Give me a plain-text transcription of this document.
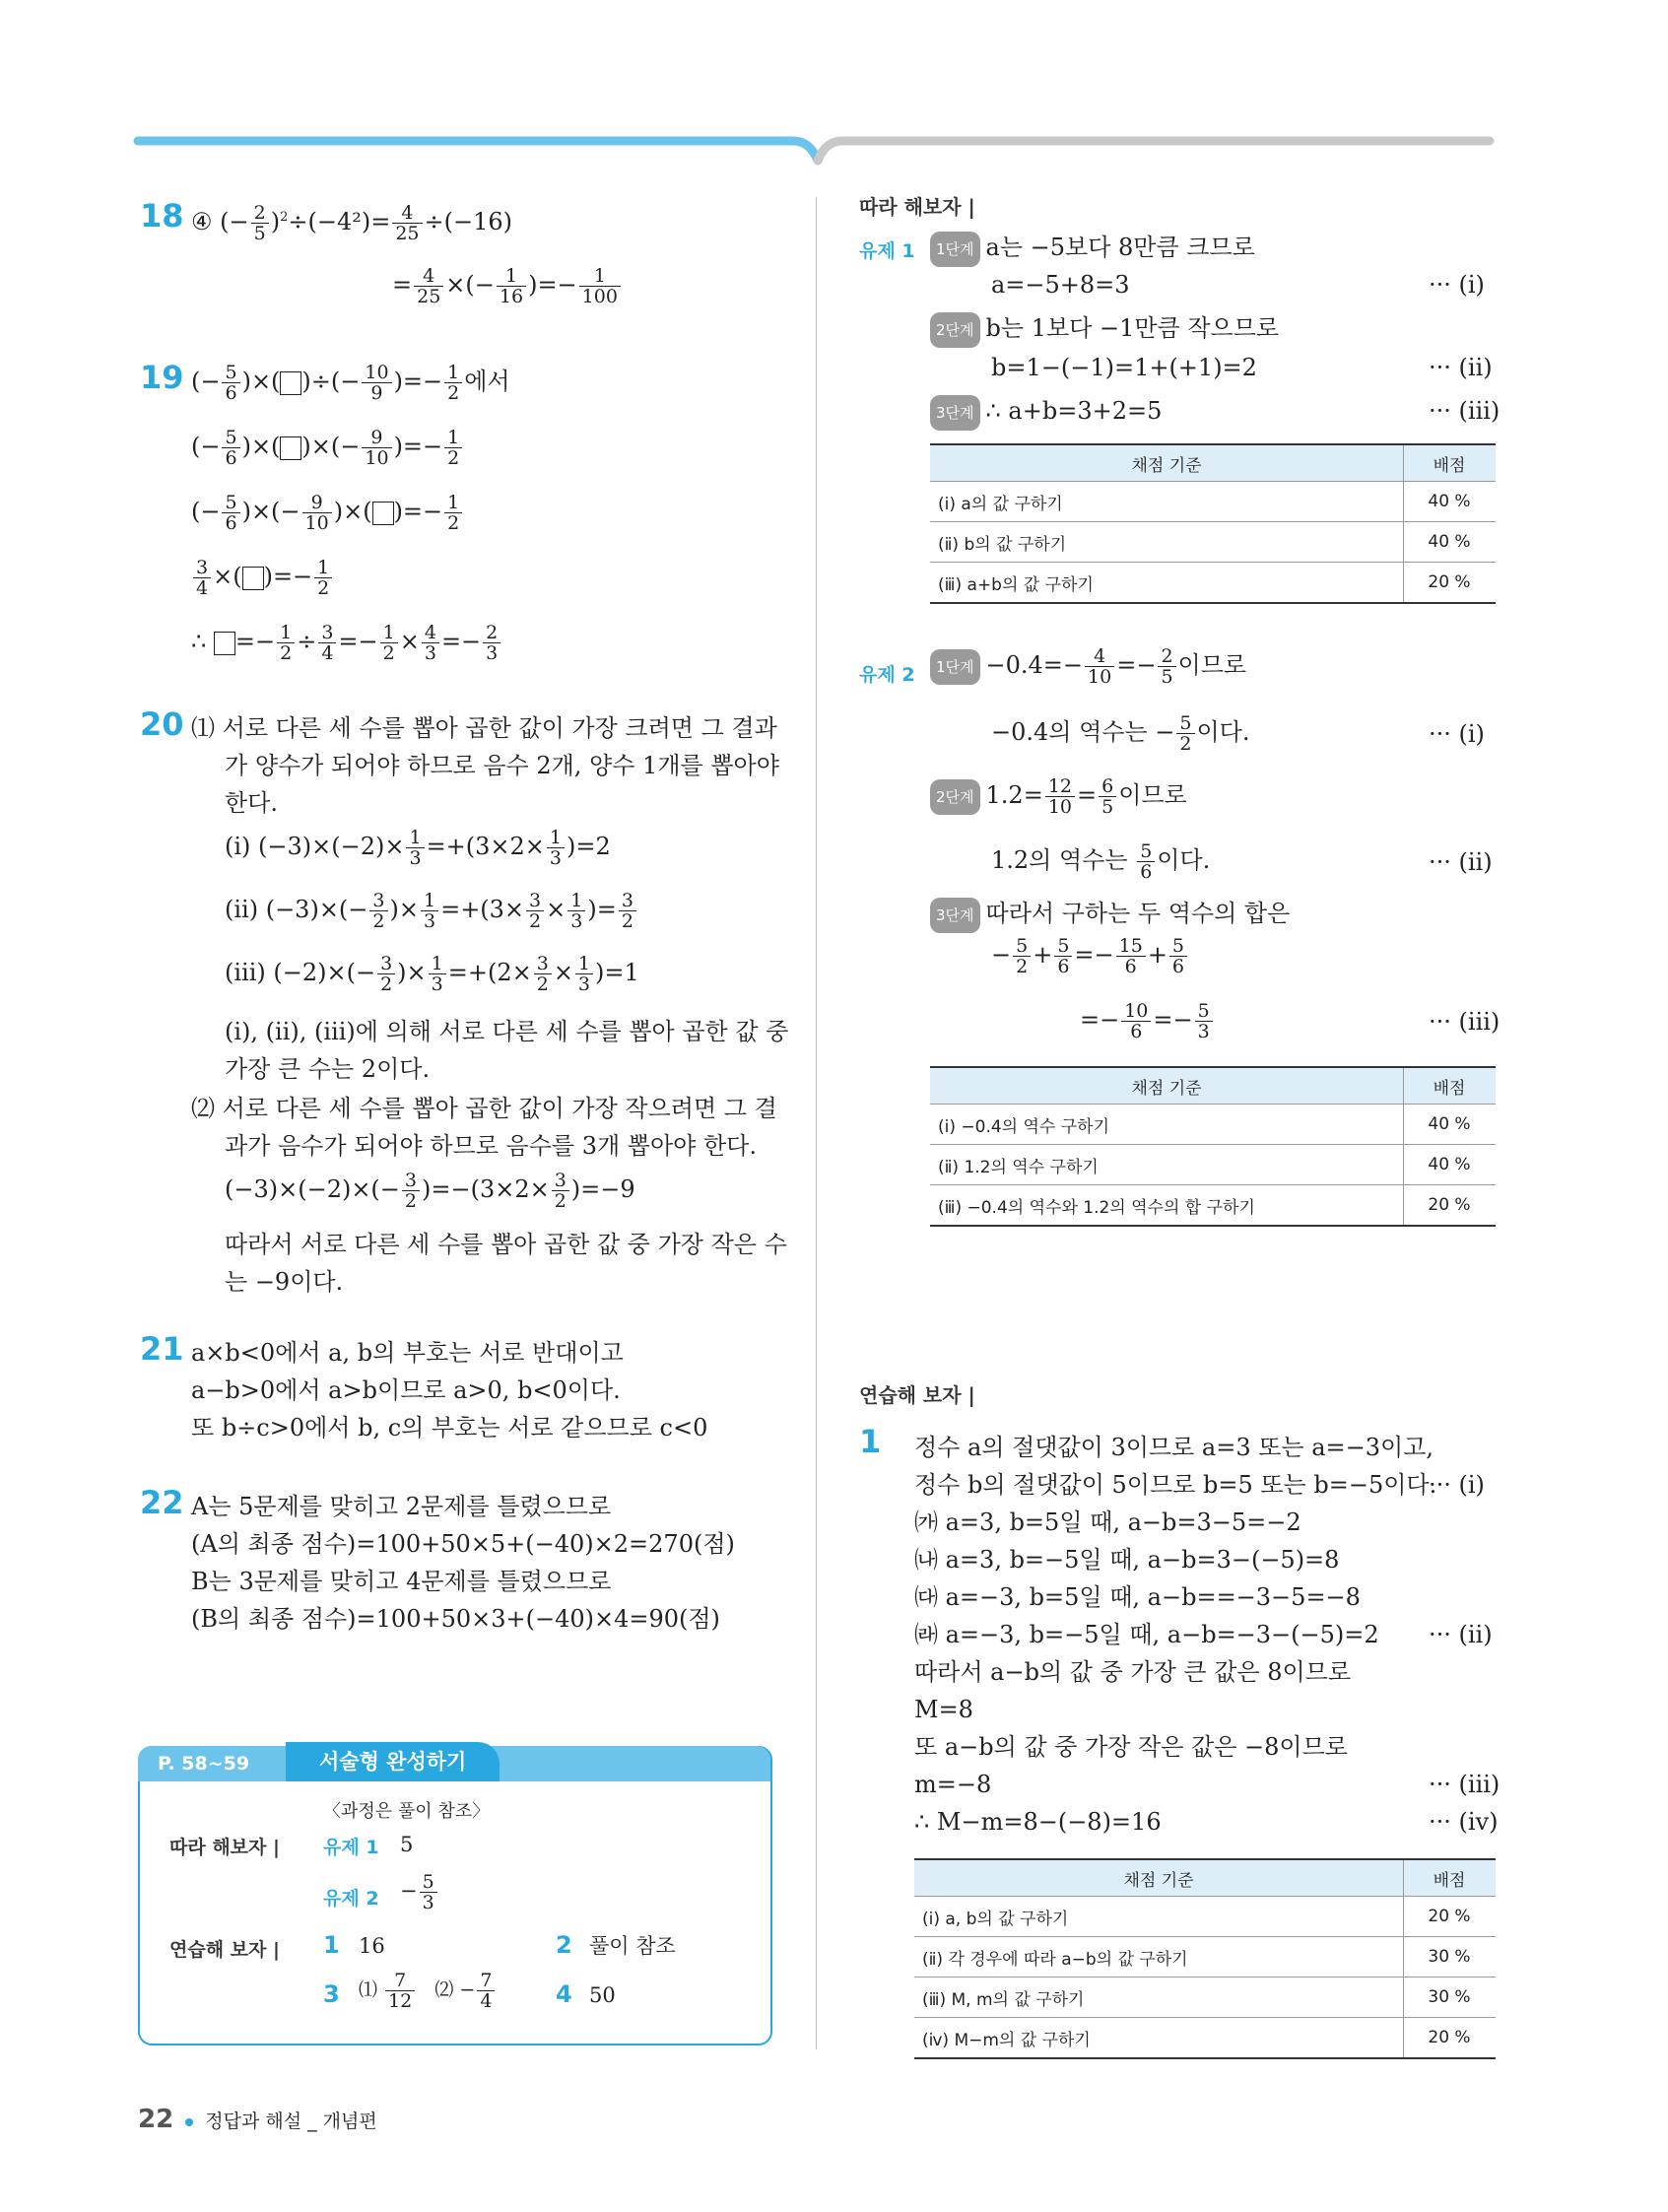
18 ④ (− $\frac{2}{5} )^2\div(-4^2)= \frac{4}{25} \div(-16)$
= $\frac{4}{25}$ ×(− $\frac{1}{16}$ )=− $\frac{1}{100}$
19 (− $\frac{5}{6}$ )×( )÷(− $\frac{10}{9}$ )=− $\frac{1}{2}$ 에서
(− $\frac{5}{6}$ )×( )×(− $\frac{9}{10}$ )=− $\frac{1}{2}$
(− $\frac{5}{6}$ )×(− $\frac{9}{10}$ )×( )=− $\frac{1}{2}$
$\frac{3}{4}$ ×( )=− $\frac{1}{2}$
∴ =− $\frac{1}{2} \div \frac{3}{4} =- \frac{1}{2} \times \frac{4}{3} =- \frac{2}{3}$
20 ⑴ 서로 다른 세 수를 뽑아 곱한 값이 가장 크려면 그 결과
가 양수가 되어야 하므로 음수 2개, 양수 1개를 뽑아야
한다.
(ⅰ) $(-3)\times(-2)\times \frac{1}{3} =+(3\times 2\times \frac{1}{3} )=2$
(ⅱ) $(-3)\times(- \frac{3}{2}$ )× $\frac{1}{3} =+(3\times \frac{3}{2} \times \frac{1}{3}$ )= $\frac{3}{2}$
(ⅲ) $(-2)\times(- \frac{3}{2}$ )× $\frac{1}{3} =+(2\times \frac{3}{2} \times \frac{1}{3} )=1$
(ⅰ), (ⅱ), (ⅲ)에 의해 서로 다른 세 수를 뽑아 곱한 값 중
가장 큰 수는 2이다.
⑵ 서로 다른 세 수를 뽑아 곱한 값이 가장 작으려면 그 결
과가 음수가 되어야 하므로 음수를 3개 뽑아야 한다.
$(-3)\times(-2)\times(- \frac{3}{2} )=-(3\times 2\times \frac{3}{2} )=-9$
따라서 서로 다른 세 수를 뽑아 곱한 값 중 가장 작은 수
는 −9이다.
21 a×b<0에서 a, b의 부호는 서로 반대이고
a−b>0에서 a>b이므로 a>0, b<0이다.
또 b÷c>0에서 b, c의 부호는 서로 같으므로 c<0
22 A는 5문제를 맞히고 2문제를 틀렸으므로
(A의 최종 점수)=100+50×5+(−40)×2=270(점)
B는 3문제를 맞히고 4문제를 틀렸으므로
(B의 최종 점수)=100+50×3+(−40)×4=90(점)
P. 58~59	서술형 완성하기
〈과정은 풀이 참조〉
따라 해보자 | 유제 1 5
유제 $2 - \frac{5}{3}$
연습해 보자 | 1 16	2 풀이 참조
3 ⑴ $\frac{7}{12}$ ⑵ − $\frac{7}{4}$	4 50
따라 해보자 |
유제 1	1단계 a는 −5보다 8만큼 크므로
a=−5+8=3	··· (ⅰ)
2단계 b는 1보다 −1만큼 작으므로
b=1−(−1)=1+(+1)=2	··· (ⅱ)
3단계 ∴ a+b=3+2=5	··· (ⅲ)
채점 기준	배점
(ⅰ) a의 값 구하기	40 %
(ⅱ) b의 값 구하기	40 %
(ⅲ) a+b의 값 구하기	20 %
유제 2	1단계 $-0.4=- \frac{4}{10} =- \frac{2}{5}$ 이므로
−0.4의 역수는 − $\frac{5}{2}$ 이다.	··· (ⅰ)
2단계 $1.2= \frac{12}{10} = \frac{6}{5}$ 이므로
1.2의 역수는 $\frac{5}{6}$ 이다.	··· (ⅱ)
3단계 따라서 구하는 두 역수의 합은
− $\frac{5}{2} + \frac{5}{6} =- \frac{15}{6} + \frac{5}{6}$
=− $\frac{10}{6} =- \frac{5}{3}$	··· (ⅲ)
채점 기준	배점
(ⅰ) −0.4의 역수 구하기	40 %
(ⅱ) 1.2의 역수 구하기	40 %
(ⅲ) −0.4의 역수와 1.2의 역수의 합 구하기	20 %
연습해 보자 |
1 정수 a의 절댓값이 3이므로 a=3 또는 a=−3이고,
정수 b의 절댓값이 5이므로 b=5 또는 b=−5이다.
··· (ⅰ)
㈎ a=3, b=5일 때, a−b=3−5=−2
㈏ a=3, b=−5일 때, a−b=3−(−5)=8
㈐ a=−3, b=5일 때, a−b==−3−5=−8
㈑ a=−3, b=−5일 때, a−b=−3−(−5)=2 ··· (ⅱ)
따라서 a−b의 값 중 가장 큰 값은 8이므로
M=8
또 a−b의 값 중 가장 작은 값은 −8이므로
m=−8	··· (ⅲ)
∴ M−m=8−(−8)=16	··· (ⅳ)
채점 기준	배점
(ⅰ) a, b의 값 구하기	20 %
(ⅱ) 각 경우에 따라 a−b의 값 구하기	30 %
(ⅲ) M, m의 값 구하기	30 %
(ⅳ) M−m의 값 구하기	20 %
22 정답과 해설 _ 개념편
